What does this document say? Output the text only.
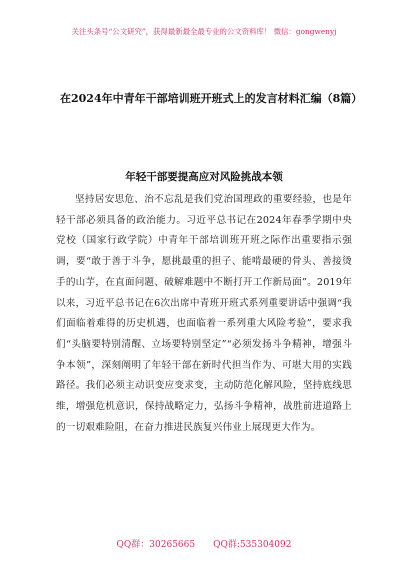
关注头条号“公文研究”，获得最新最全最专业的公文资料库！ 微信：gongwenyj
在2024年中青年干部培训班开班式上的发言材料汇编（8篇）
年轻干部要提高应对风险挑战本领
坚持居安思危、治不忘乱是我们党治国理政的重要经验，也是年轻干部必须具备的政治能力。习近平总书记在2024年春季学期中央党校（国家行政学院）中青年干部培训班开班之际作出重要指示强调，要“敢于善于斗争，愿挑最重的担子、能啃最硬的骨头、善接烫手的山芋，在直面问题、破解难题中不断打开工作新局面”。2019年以来，习近平总书记在6次出席中青班开班式系列重要讲话中强调“我们面临着难得的历史机遇，也面临着一系列重大风险考验”，要求我们“头脑要特别清醒、立场要特别坚定”“必须发扬斗争精神，增强斗争本领”，深刻阐明了年轻干部在新时代担当作为、可堪大用的实践路径。我们必须主动识变应变求变，主动防范化解风险，坚持底线思维，增强危机意识，保持战略定力，弘扬斗争精神，战胜前进道路上的一切艰难险阻，在奋力推进民族复兴伟业上展现更大作为。
QQ群：30265665 QQ群:535304092
